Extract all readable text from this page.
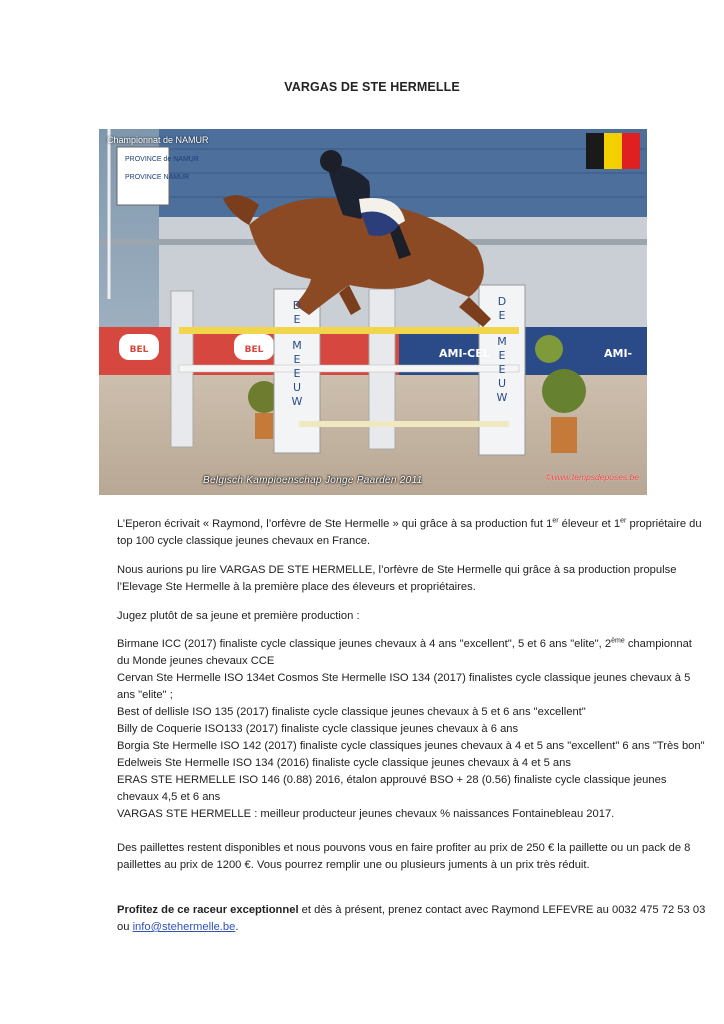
VARGAS DE STE HERMELLE
D E M E E U W
D E M E E U W
BEL	BEL	AMI-CEL	AMI-
Championnat de NAMUR
PROVINCE de NAMUR
PROVINCE NAMUR
Belgisch Kampioenschap Jonge Paarden 2011	©www.tempsdeposes.be

L’Eperon écrivait « Raymond, l’orfèvre de Ste Hermelle » qui grâce à sa production fut 1er éleveur et 1er propriétaire du top 100 cycle classique jeunes chevaux en France.

Nous aurions pu lire VARGAS DE STE HERMELLE, l’orfèvre de Ste Hermelle qui grâce à sa production propulse l’Elevage Ste Hermelle à la première place des éleveurs et propriétaires.

Jugez plutôt de sa jeune et première production :

Birmane ICC (2017) finaliste cycle classique jeunes chevaux à 4 ans "excellent", 5 et 6 ans "elite", 2ème championnat du Monde jeunes chevaux CCE

Cervan Ste Hermelle ISO 134et Cosmos Ste Hermelle ISO 134 (2017) finalistes cycle classique jeunes chevaux à 5 ans "elite" ;

Best of dellisle ISO 135 (2017) finaliste cycle classique jeunes chevaux à 5 et 6 ans "excellent"

Billy de Coquerie ISO133 (2017) finaliste cycle classique jeunes chevaux à 6 ans

Borgia Ste Hermelle ISO 142 (2017) finaliste cycle classiques jeunes chevaux à 4 et 5 ans "excellent" 6 ans "Très bon"

Edelweis Ste Hermelle ISO 134 (2016) finaliste cycle classique jeunes chevaux à 4 et 5 ans

ERAS STE HERMELLE ISO 146 (0.88) 2016, étalon approuvé BSO + 28 (0.56) finaliste cycle classique jeunes chevaux 4,5 et 6 ans

VARGAS STE HERMELLE : meilleur producteur jeunes chevaux % naissances Fontainebleau 2017.

Des paillettes restent disponibles et nous pouvons vous en faire profiter au prix de 250 € la paillette ou un pack de 8 paillettes au prix de 1200 €. Vous pourrez remplir une ou plusieurs juments à un prix très réduit.

Profitez de ce raceur exceptionnel et dès à présent, prenez contact avec Raymond LEFEVRE au 0032 475 72 53 03 ou info@stehermelle.be.
